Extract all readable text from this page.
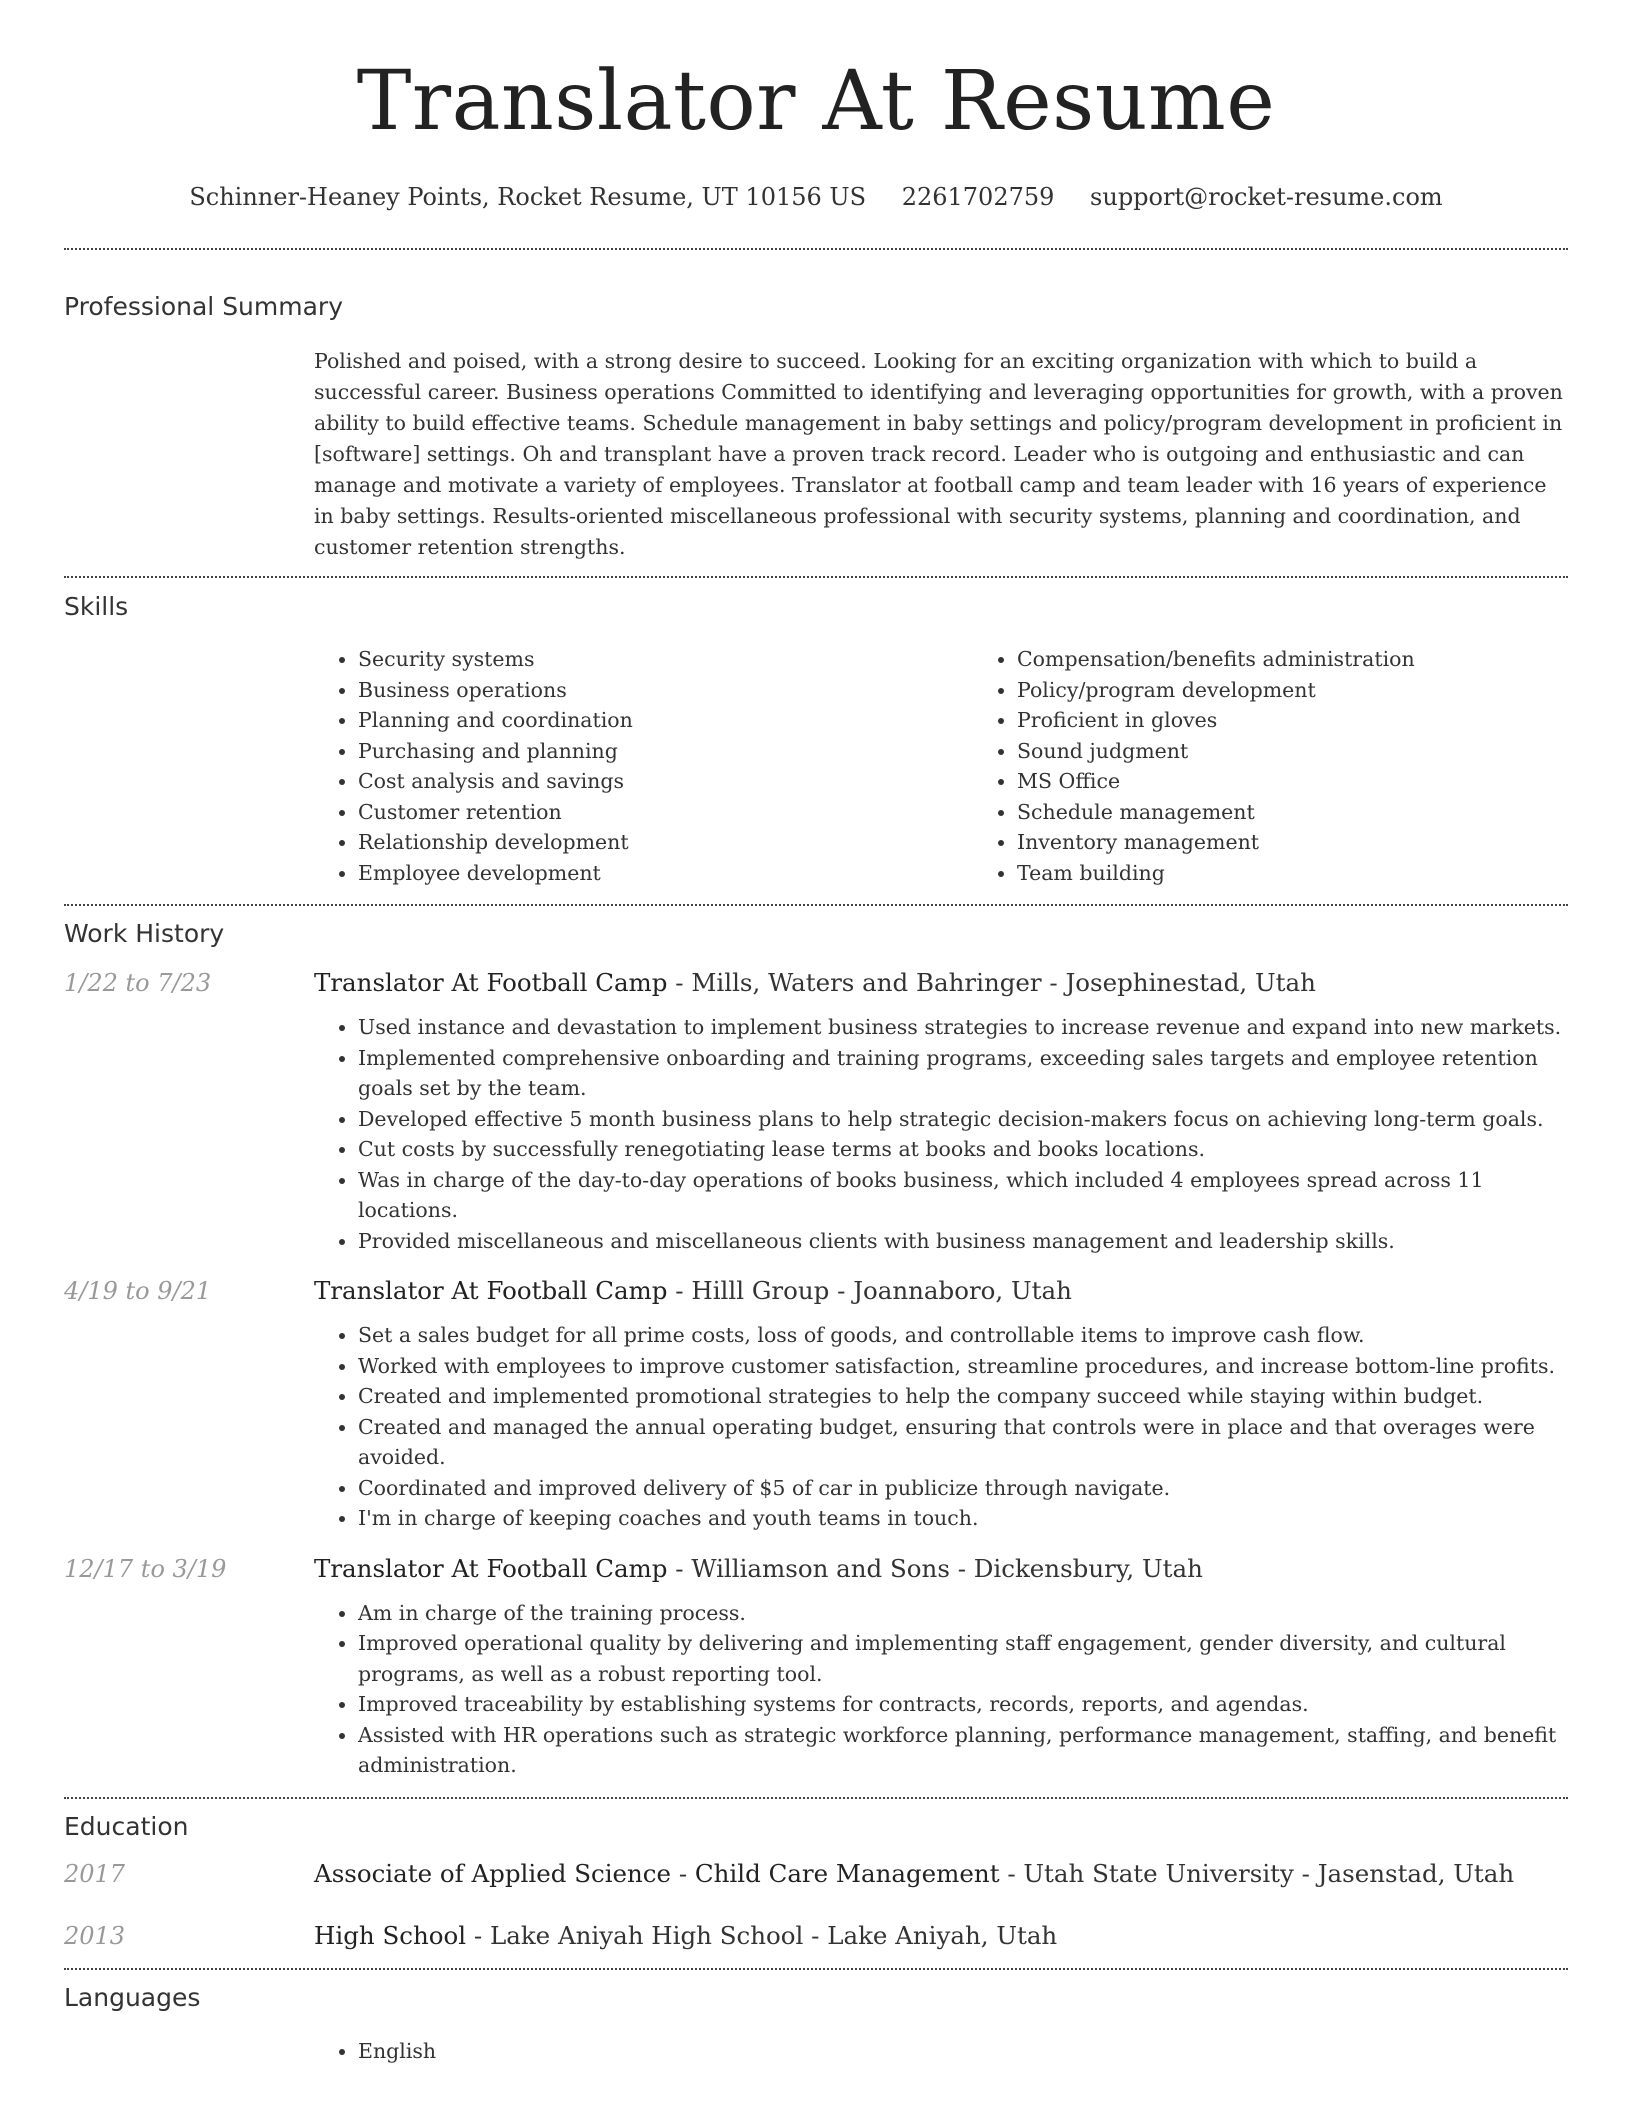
Translator At Resume
Schinner-Heaney Points, Rocket Resume, UT 10156 US 2261702759 support@rocket-resume.com
Professional Summary

Polished and poised, with a strong desire to succeed. Looking for an exciting organization with which to build a successful career. Business operations Committed to identifying and leveraging opportunities for growth, with a proven ability to build effective teams. Schedule management in baby settings and policy/program development in proficient in [software] settings. Oh and transplant have a proven track record. Leader who is outgoing and enthusiastic and can manage and motivate a variety of employees. Translator at football camp and team leader with 16 years of experience in baby settings. Results-oriented miscellaneous professional with security systems, planning and coordination, and customer retention strengths.

Skills
• Security systems
• Business operations
• Planning and coordination
• Purchasing and planning
• Cost analysis and savings
• Customer retention
• Relationship development
• Employee development
• Compensation/benefits administration
• Policy/program development
• Proficient in gloves
• Sound judgment
• MS Office
• Schedule management
• Inventory management
• Team building
Work History
1/22 to 7/23	Translator At Football Camp - Mills, Waters and Bahringer - Josephinestad, Utah
• Used instance and devastation to implement business strategies to increase revenue and expand into new markets.
• Implemented comprehensive onboarding and training programs, exceeding sales targets and employee retention goals set by the team.
• Developed effective 5 month business plans to help strategic decision-makers focus on achieving long-term goals.
• Cut costs by successfully renegotiating lease terms at books and books locations.
• Was in charge of the day-to-day operations of books business, which included 4 employees spread across 11 locations.
• Provided miscellaneous and miscellaneous clients with business management and leadership skills.
4/19 to 9/21	Translator At Football Camp - Hilll Group - Joannaboro, Utah
• Set a sales budget for all prime costs, loss of goods, and controllable items to improve cash flow.
• Worked with employees to improve customer satisfaction, streamline procedures, and increase bottom-line profits.
• Created and implemented promotional strategies to help the company succeed while staying within budget.
• Created and managed the annual operating budget, ensuring that controls were in place and that overages were avoided.
• Coordinated and improved delivery of $5 of car in publicize through navigate.
• I'm in charge of keeping coaches and youth teams in touch.
12/17 to 3/19	Translator At Football Camp - Williamson and Sons - Dickensbury, Utah
• Am in charge of the training process.
• Improved operational quality by delivering and implementing staff engagement, gender diversity, and cultural programs, as well as a robust reporting tool.
• Improved traceability by establishing systems for contracts, records, reports, and agendas.
• Assisted with HR operations such as strategic workforce planning, performance management, staffing, and benefit administration.
Education
2017	Associate of Applied Science - Child Care Management - Utah State University - Jasenstad, Utah
2013	High School - Lake Aniyah High School - Lake Aniyah, Utah
Languages
• English
